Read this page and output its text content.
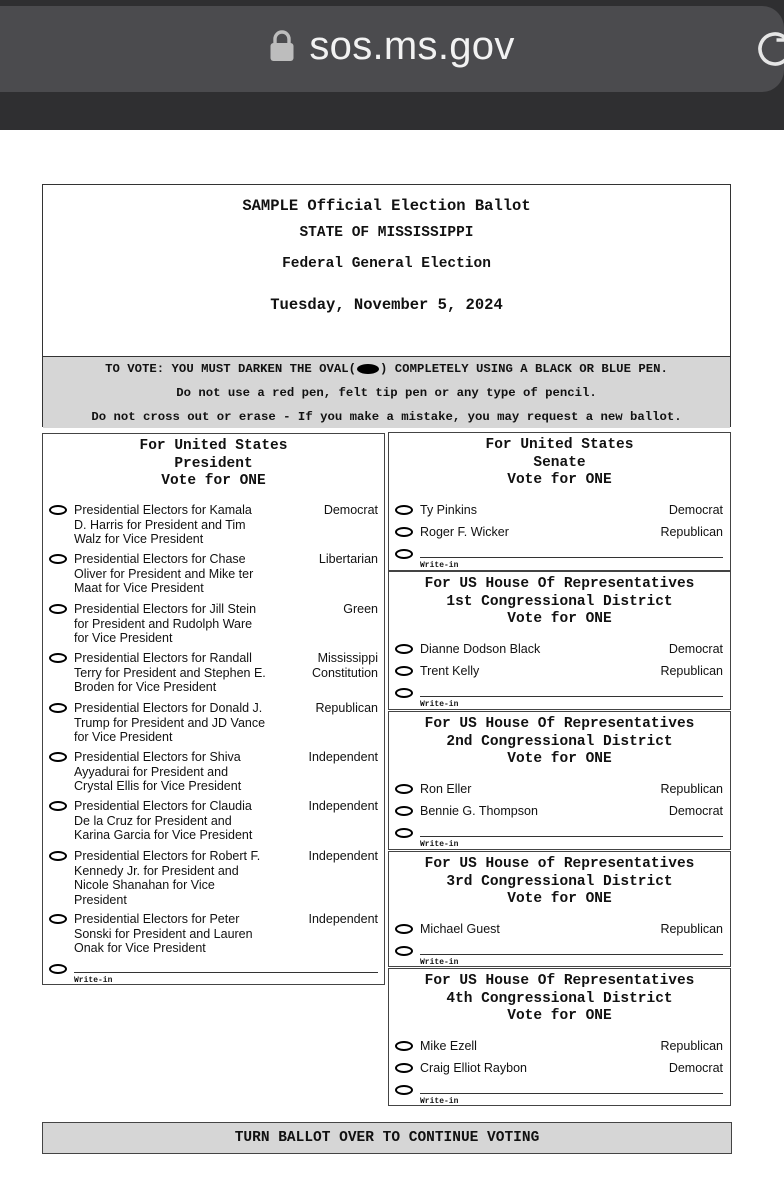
sos.ms.gov
SAMPLE Official Election Ballot
STATE OF MISSISSIPPI
Federal General Election
Tuesday, November 5, 2024
TO VOTE: YOU MUST DARKEN THE OVAL( ) COMPLETELY USING A BLACK OR BLUE PEN.
Do not use a red pen, felt tip pen or any type of pencil.
Do not cross out or erase - If you make a mistake, you may request a new ballot.
For United States
President
Vote for ONE
Presidential Electors for Kamala
D. Harris for President and Tim
Walz for Vice President
Democrat
Presidential Electors for Chase
Oliver for President and Mike ter
Maat for Vice President
Libertarian
Presidential Electors for Jill Stein
for President and Rudolph Ware
for Vice President
Green
Presidential Electors for Randall
Terry for President and Stephen E.
Broden for Vice President
Mississippi
Constitution
Presidential Electors for Donald J.
Trump for President and JD Vance
for Vice President
Republican
Presidential Electors for Shiva
Ayyadurai for President and
Crystal Ellis for Vice President
Independent
Presidential Electors for Claudia
De la Cruz for President and
Karina Garcia for Vice President
Independent
Presidential Electors for Robert F.
Kennedy Jr. for President and
Nicole Shanahan for Vice
President
Independent
Presidential Electors for Peter
Sonski for President and Lauren
Onak for Vice President
Independent
Write-in
For United States
Senate
Vote for ONE
Ty Pinkins	Democrat
Roger F. Wicker	Republican
Write-in
For US House Of Representatives
1st Congressional District
Vote for ONE
Dianne Dodson Black	Democrat
Trent Kelly	Republican
Write-in
For US House Of Representatives
2nd Congressional District
Vote for ONE
Ron Eller	Republican
Bennie G. Thompson	Democrat
Write-in
For US House of Representatives
3rd Congressional District
Vote for ONE
Michael Guest	Republican
Write-in
For US House Of Representatives
4th Congressional District
Vote for ONE
Mike Ezell	Republican
Craig Elliot Raybon	Democrat
Write-in
TURN BALLOT OVER TO CONTINUE VOTING
